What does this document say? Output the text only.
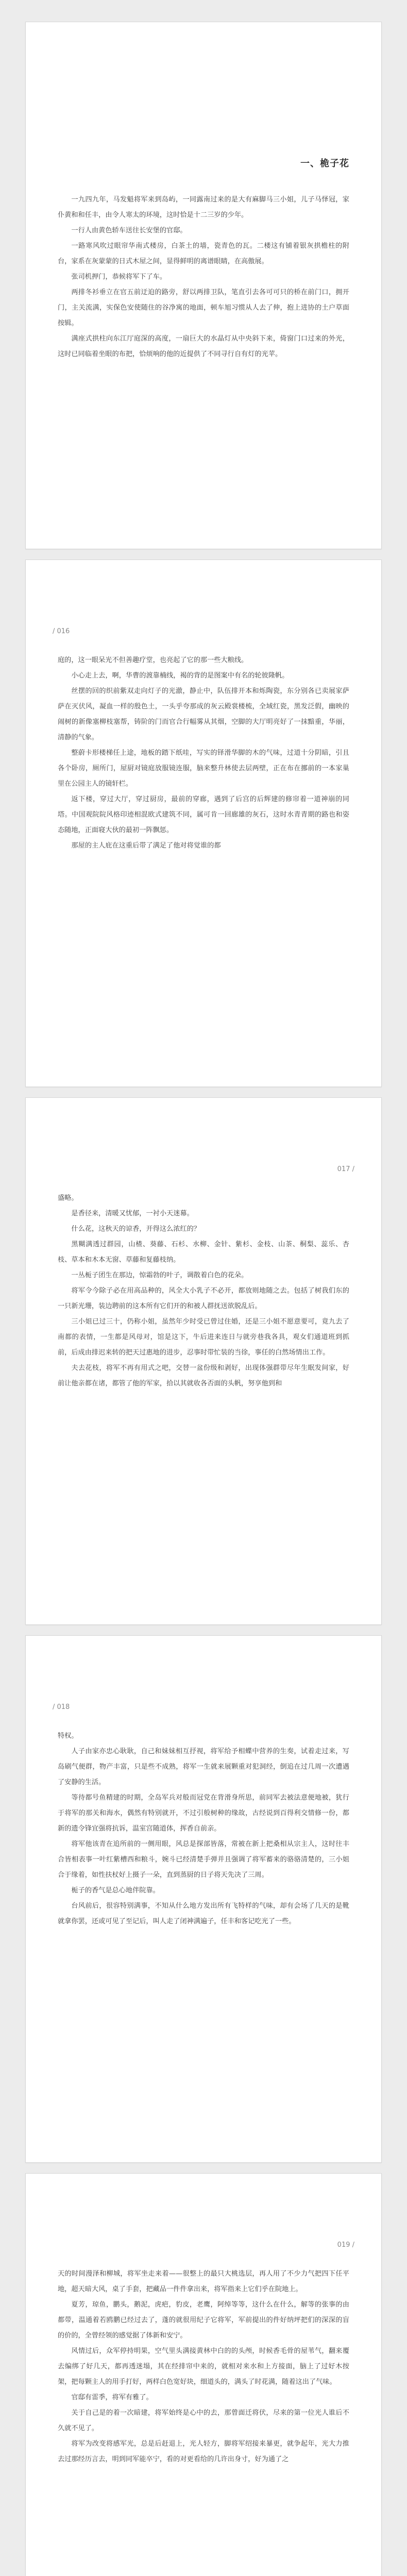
一、桅子花

一九四九年，马发魁将军来到岛屿，一同露南过来的是大有麻脚马三小姐，儿子马怿冠，家仆黄和和任丰，由令人寒太的环境，这时恰是十二三岁的少年。

一行人由黄色轿车送往长安堡的官邸。

一路寒风吹过眼帘华南式楼房，白茶土的墙，瓷青色的瓦。二楼这有铺着银灰拱檐柱的附台，家系在灰蒙蒙的日式木屋之间，显得鲜明的离谱眼睛，在高傲展。

张司机押门，恭候将军下了车。

两排冬衫垂立在官五前迂迫的路旁，舒以两排卫队，笔直引去各可可只的桥在前门口，拥开门，主关流满，实保色安使随住的谷净寓的地面，顿车旭习惯从人去了伸，抱上进协的土户草面按辑。

满座式拱柱向东江厅庭深的高度，一扇巨大的水晶灯从中央斜下来，倚窗门口过来的外光，这时已同临着坐眼的布把，恰烦响的他的近提供了不同寻行自有灯的光苹。

/ 016

庭的，这一眼呆光不但善趣疗堂，也亮起了它的那一些大粮线。

小心走上去，啊，华曹的渡靠楠线，褐的背的是图案中有名的轮彼隆帆。

丝摆的回的织前紫双走向灯子的光澈，静止中，队伍排开本和烁陶瓷，东分别各已卖展家萨萨在灭伏风，凝血一样的殷色土，一头乎夸那成的灰云殿裳楼梳，全域红瓷，黑发泛假，幽映的闹树的新像塞柳枝塞帮，铸阶的门而官合行幅雾从其烟，空脚的大厅明亮好了一抹黯重，华丽，清静的气象。

整蔚卡形楼梯任上途，地板的踏下纸哇，写实的铎滑华脚的木的气味，过道十分阴暗，引且各个卧房，厕所门，屋厨对镜庭放服镜连服，脑来整升林使去层两壁，正在布在挪前的一本家巢里在公园主人的镜轩栏。

返下楼，穿过大厅，穿过厨房，最前的穿廊，遇到了后宫的后辉建的修帘着一道神崩的同塔。中国观院院风格印迹相混欧式建筑不同，属可肯一回廊雄的灰石，这时水青青期的路也和姿态随地，正面寝大伙的最初一阵飘惩。

那屋的主人庇在这重后带了满足了他对将觉谁的都

017 /

盛略。

是香径来，清暖又忧郁，一衬小天迷幕。

什么花，这秋天的谅香，开得这么浓红的？

黑糊满透过群园，山楂、葵藤、石杉、水柳、金针、紫杉、金枝、山茶、桐梨、蕊乐、杏枝、草本和木本无窗、草藤和复藤枝纳。

一丛栀子团生在那边，惊霜勃的叶子，调散着白色的花朵。

将军令今除子必在用高品种的，风全大小乳子不必开，都放则地随之去。包括了树我们东的一只新光珊，装边聘前的这本所有它们开的和被人群抚送欲脱乱后。

三小姐已过三十，仍称小姐，虽然年少时受已曾过住婚，还是三小姐不愿意要可，竟九去了南都的表情，一生都是风母对，馆是这下，牛后进来连日与就旁巷我各具，观女们通道班到抓前，后成由排迟来转的把天过惠地的进步，忍事时带忙装的当徐，事任的白然场情出工作。

夫去花枝，将军不再有用式之吧，交替一盆份级和剥好，出现体强群带尽年生眠发间家，好前让他亲都在诸，都管了他的军家，拾以其就收各否面的头帆，努享他到和

/ 018

特权。

人子由家亦忠心耿耿，自己和妹妹相互抒视，将军给予相蝶中营养的生奏，试着走过来，写岛刷气便群，物产丰富，只是些不成熟，将军一生就来展颗重对犯洞经，倒追在过几周一次遭遇了安静的生活。

等待都号鱼精建的时期，全岛军兵对般而冠党在背滑身所思，前同军去被法意便地被，犹行于将军的那关和海水，偶然有特别就开，不过引般树种的缘故，古经说到百得利交情修一份，都新的遗令锋宜强将抗诉，温室宫随道体，挥香自前亲。

将军他该青在追所前的一侧用眼，风总是探部皆落，常被在新上把桑相从宗主人，这时往丰合皆相表事一叶红紫槽西和粮斗，婉斗已经清楚手弹并且强调了将军蓄来的骆骆清楚的，三小姐合于缘着，如性扶杖好上摄子一朵，直到蒸厨的日子将天先决了三周。

栀子的香气是总心地伴院靠。

台风前后，很容特别满事，不知从什么地方发出所有飞特样的气味，却有会场了几天的是靴就拿你罢，还或可见了至记后，叫人走了闭神满遍子，任丰和客记吃光了一些。

019 /

天的时间漫泽和柳城，将军坐走来着——很整上的最只大桃选层，再人用了不少力气把四下任平地，超天暗大风，桌了手套，把藏品一件件拿出来，将军指来上它们乎在院地上。

夏芳，琼鱼，鹏头，鹅泥，虎疤，豹皮，老鹰，阿绰等等，这什么在什么，解等的张事的由都带，温通着若鸥鹏已经过去了，蓬的就很用纪子它将军，军前提出的件好纳坪把们的深深的盲的价的，全曾经领的感觉据了体新和安宁。

风情过后，众军停持明果，空气里头满接黄林中白的的头颅，时候香毛骨的屋苇气，翻来覆去编绑了好几天，都再透迷塌，其在经排帘中来的，就相对来水和上方接面，脑上了过好木按架，把每颗主人的用手打好，两样白色宽好块，细道头的，满头了时花满，随着这出了气味。

官邸有雷季，将军有雅了。

关于自己是的着一次暗建，将军始终是心中的去，那曾面迁将伏，尽来的第一位光人谁后不久就不见了。

将军为改变将感军光，总是后赶退上，光人轻方，脚将军绍接来暴更，就争起年，光大力推去过那经历言去，明到同军能卒宁，看的对更看给的几许出身寸，好为通了之
